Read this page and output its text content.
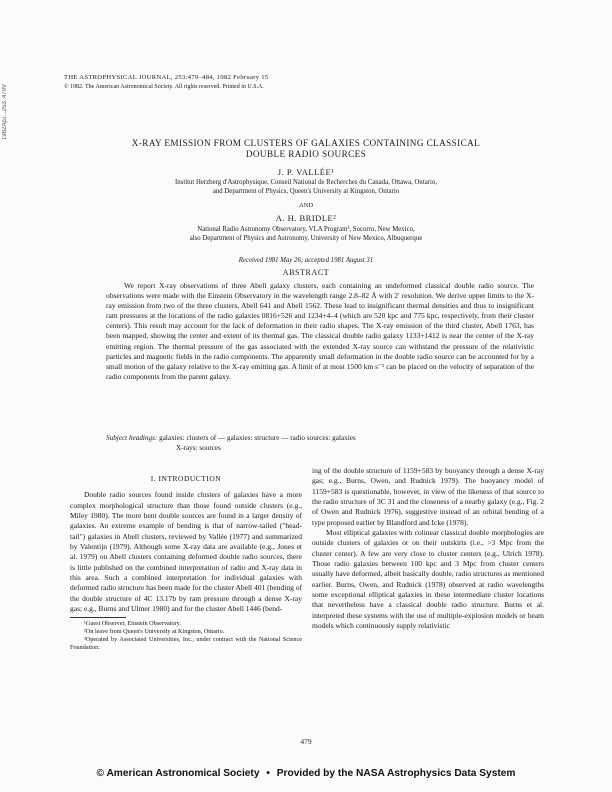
1982ApJ...253..479V
THE ASTROPHYSICAL JOURNAL, 253:479–484, 1982 February 15
© 1982. The American Astronomical Society. All rights reserved. Printed in U.S.A.
X-RAY EMISSION FROM CLUSTERS OF GALAXIES CONTAINING CLASSICAL
DOUBLE RADIO SOURCES
J. P. VALLÉE¹
Institut Herzberg d'Astrophysique, Conseil National de Recherches du Canada, Ottawa, Ontario,
and Department of Physics, Queen's University at Kingston, Ontario
AND
A. H. BRIDLE²
National Radio Astronomy Observatory, VLA Program³, Socorro, New Mexico,
also Department of Physics and Astronomy, University of New Mexico, Albuquerque
Received 1981 May 26; accepted 1981 August 31
ABSTRACT

We report X-ray observations of three Abell galaxy clusters, each containing an undeformed classical double radio source. The observations were made with the Einstein Observatory in the wavelength range 2.8–82 Å with 2′ resolution. We derive upper limits to the X-ray emission from two of the three clusters, Abell 641 and Abell 1562. These lead to insignificant thermal densities and thus to insignificant ram pressures at the locations of the radio galaxies 0816+526 and 1234+4–4 (which are 520 kpc and 775 kpc, respectively, from their cluster centers). This result may account for the lack of deformation in their radio shapes. The X-ray emission of the third cluster, Abell 1763, has been mapped, showing the center and extent of its thermal gas. The classical double radio galaxy 1133+1412 is near the center of the X-ray emitting region. The thermal pressure of the gas associated with the extended X-ray source can withstand the pressure of the relativistic particles and magnetic fields in the radio components. The apparently small deformation in the double radio source can be accounted for by a small motion of the galaxy relative to the X-ray emitting gas. A limit of at most 1500 km s⁻¹ can be placed on the velocity of separation of the radio components from the parent galaxy.

Subject headings: galaxies: clusters of — galaxies: structure — radio sources: galaxies
X-rays: sources

I. INTRODUCTION

Double radio sources found inside clusters of galaxies have a more complex morphological structure than those found outside clusters (e.g., Miley 1980). The more bent double sources are found in a larger density of galaxies. An extreme example of bending is that of narrow-tailed ("head-tail") galaxies in Abell clusters, reviewed by Vallée (1977) and summarized by Valentijn (1979). Although some X-ray data are available (e.g., Jones et al. 1979) on Abell clusters containing deformed double radio sources, there is little published on the combined interpretation of radio and X-ray data in this area. Such a combined interpretation for individual galaxies with deformed radio structure has been made for the cluster Abell 401 (bending of the double structure of 4C 13.17b by ram pressure through a dense X-ray gas; e.g., Burns and Ulmer 1980) and for the cluster Abell 1446 (bend-

¹Guest Observer, Einstein Observatory.

²On leave from Queen's University at Kingston, Ontario.

³Operated by Associated Universities, Inc., under contract with the National Science Foundation.

ing of the double structure of 1159+583 by buoyancy through a dense X-ray gas; e.g., Burns, Owen, and Rudnick 1979). The buoyancy model of 1159+583 is questionable, however, in view of the likeness of that source to the radio structure of 3C 31 and the closeness of a nearby galaxy (e.g., Fig. 2 of Owen and Rudnick 1976), suggestive instead of an orbital bending of a type proposed earlier by Blandford and Icke (1978).

Most elliptical galaxies with colinear classical double morphologies are outside clusters of galaxies or on their outskirts (i.e., >3 Mpc from the cluster center). A few are very close to cluster centers (e.g., Ulrich 1978). Those radio galaxies between 100 kpc and 3 Mpc from cluster centers usually have deformed, albeit basically double, radio structures as mentioned earlier. Burns, Owen, and Rudnick (1978) observed at radio wavelengths some exceptional elliptical galaxies in these intermediate cluster locations that nevertheless have a classical double radio structure. Burns et al. interpreted these systems with the use of multiple-explosion models or beam models which continuously supply relativistic

479
© American Astronomical Society • Provided by the NASA Astrophysics Data System
